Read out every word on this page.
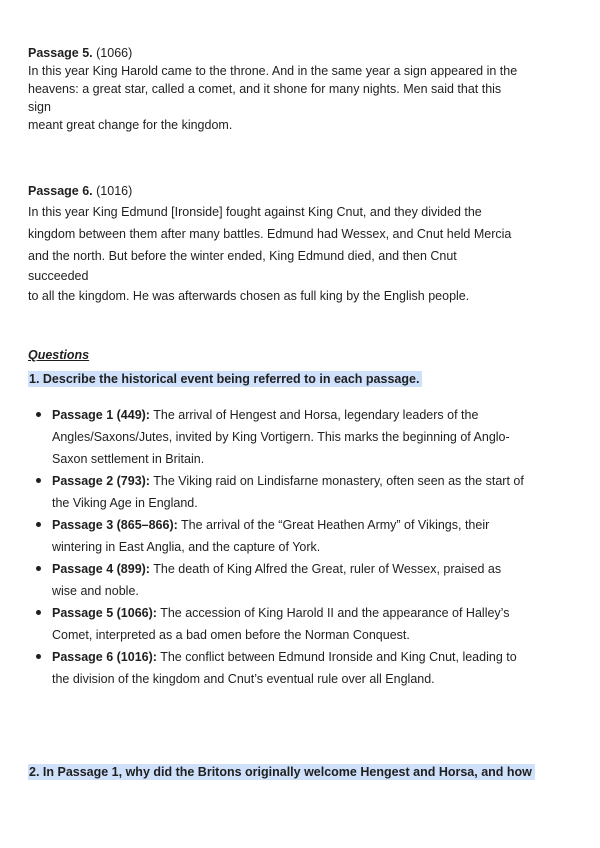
Passage 5. (1066)
In this year King Harold came to the throne. And in the same year a sign appeared in the
heavens: a great star, called a comet, and it shone for many nights. Men said that this
sign
meant great change for the kingdom.
Passage 6. (1016)
In this year King Edmund [Ironside] fought against King Cnut, and they divided the
kingdom between them after many battles. Edmund had Wessex, and Cnut held Mercia
and the north. But before the winter ended, King Edmund died, and then Cnut
succeeded
to all the kingdom. He was afterwards chosen as full king by the English people.
Questions
1. Describe the historical event being referred to in each passage.
Passage 1 (449): The arrival of Hengest and Horsa, legendary leaders of the

Angles/Saxons/Jutes, invited by King Vortigern. This marks the beginning of Anglo-
Saxon settlement in Britain.
Passage 2 (793): The Viking raid on Lindisfarne monastery, often seen as the start of

the Viking Age in England.
Passage 3 (865–866): The arrival of the “Great Heathen Army” of Vikings, their

wintering in East Anglia, and the capture of York.
Passage 4 (899): The death of King Alfred the Great, ruler of Wessex, praised as

wise and noble.
Passage 5 (1066): The accession of King Harold II and the appearance of Halley’s

Comet, interpreted as a bad omen before the Norman Conquest.
Passage 6 (1016): The conflict between Edmund Ironside and King Cnut, leading to

the division of the kingdom and Cnut’s eventual rule over all England.
2. In Passage 1, why did the Britons originally welcome Hengest and Horsa, and how
